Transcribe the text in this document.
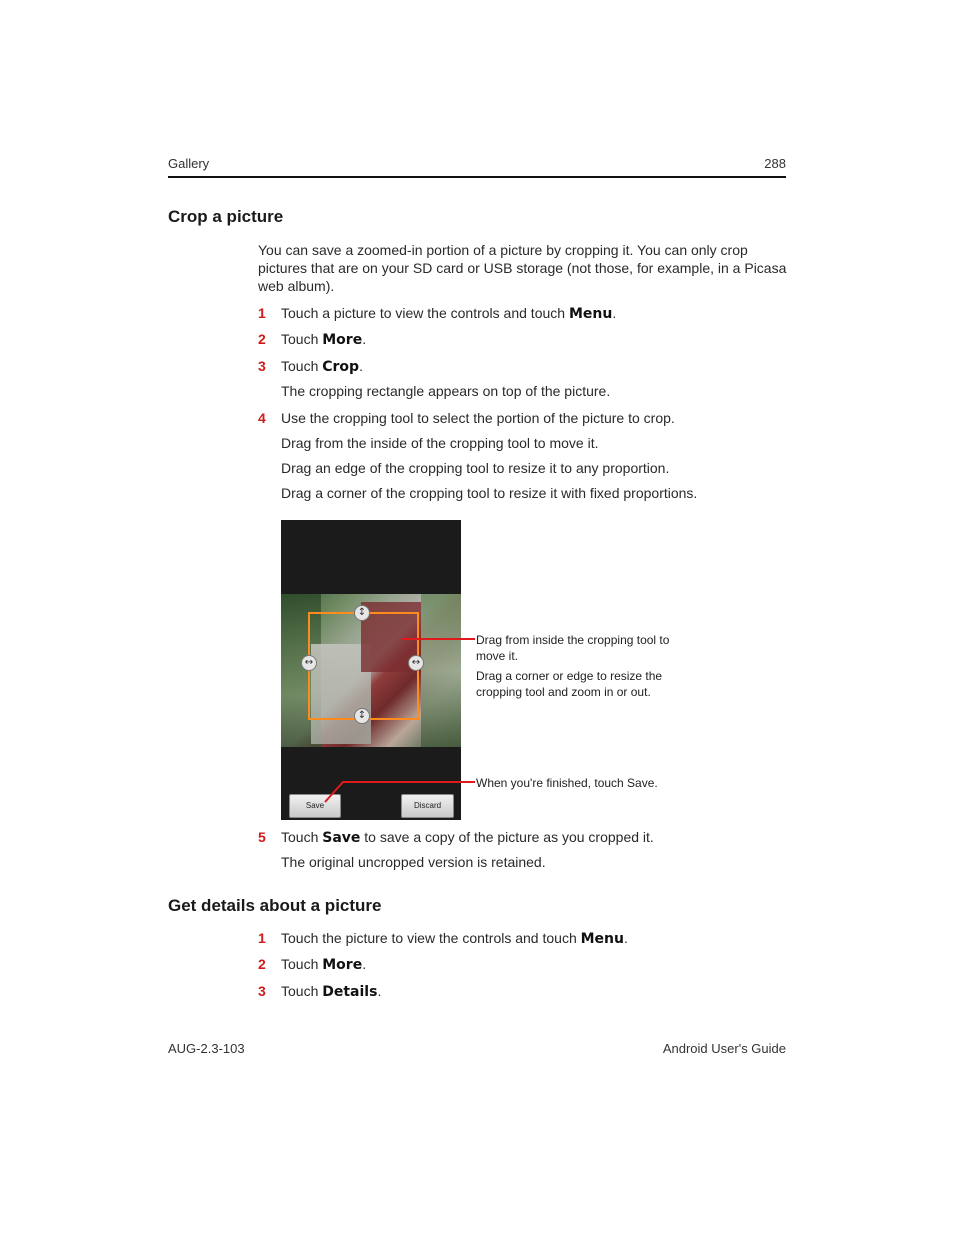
Gallery	288
Crop a picture
You can save a zoomed-in portion of a picture by cropping it. You can only crop
pictures that are on your SD card or USB storage (not those, for example, in a Picasa
web album).
1 Touch a picture to view the controls and touch Menu.
2 Touch More.
3 Touch Crop.
The cropping rectangle appears on top of the picture.
4 Use the cropping tool to select the portion of the picture to crop.
Drag from the inside of the cropping tool to move it.
Drag an edge of the cropping tool to resize it to any proportion.
Drag a corner of the cropping tool to resize it with fixed proportions.
↕
↕
↔	↔
Save	Discard
Drag from inside the cropping tool to
move it.
Drag a corner or edge to resize the
cropping tool and zoom in or out.
When you're finished, touch Save.
5 Touch Save to save a copy of the picture as you cropped it.
The original uncropped version is retained.
Get details about a picture
1 Touch the picture to view the controls and touch Menu.
2 Touch More.
3 Touch Details.
AUG-2.3-103	Android User's Guide
